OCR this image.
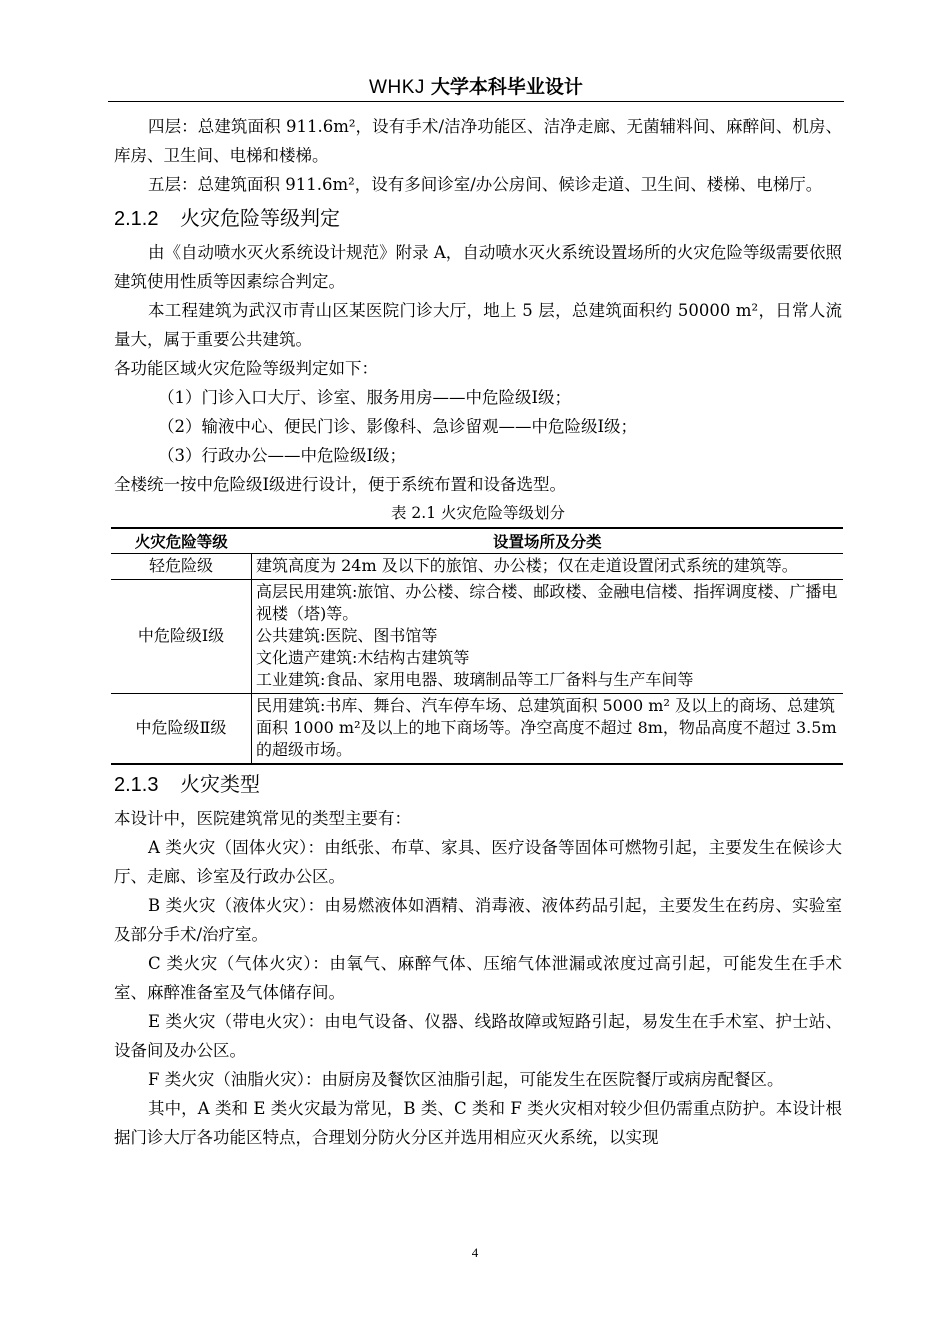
WHKJ 大学本科毕业设计

四层：总建筑面积 911.6m²，设有手术/洁净功能区、洁净走廊、无菌辅料间、麻醉间、机房、库房、卫生间、电梯和楼梯。

五层：总建筑面积 911.6m²，设有多间诊室/办公房间、候诊走道、卫生间、楼梯、电梯厅。

2.1.2 火灾危险等级判定

由《自动喷水灭火系统设计规范》附录 A，自动喷水灭火系统设置场所的火灾危险等级需要依照建筑使用性质等因素综合判定。

本工程建筑为武汉市青山区某医院门诊大厅，地上 5 层，总建筑面积约 50000 m²，日常人流量大，属于重要公共建筑。

各功能区域火灾危险等级判定如下：

（1）门诊入口大厅、诊室、服务用房——中危险级Ⅰ级；

（2）输液中心、便民门诊、影像科、急诊留观——中危险级Ⅰ级；

（3）行政办公——中危险级Ⅰ级；

全楼统一按中危险级Ⅰ级进行设计，便于系统布置和设备选型。

表 2.1 火灾危险等级划分
火灾危险等级	设置场所及分类
轻危险级	建筑高度为 24m 及以下的旅馆、办公楼；仅在走道设置闭式系统的建筑等。

中危险级Ⅰ级	高层民用建筑:旅馆、办公楼、综合楼、邮政楼、金融电信楼、指挥调度楼、广播电视楼（塔)等。
公共建筑:医院、图书馆等
文化遗产建筑:木结构古建筑等
工业建筑:食品、家用电器、玻璃制品等工厂备料与生产车间等

中危险级Ⅱ级	民用建筑:书库、舞台、汽车停车场、总建筑面积 5000 m² 及以上的商场、总建筑面积 1000 m²及以上的地下商场等。净空高度不超过 8m，物品高度不超过 3.5m 的超级市场。
2.1.3 火灾类型

本设计中，医院建筑常见的类型主要有：

A 类火灾（固体火灾）：由纸张、布草、家具、医疗设备等固体可燃物引起，主要发生在候诊大厅、走廊、诊室及行政办公区。

B 类火灾（液体火灾）：由易燃液体如酒精、消毒液、液体药品引起，主要发生在药房、实验室及部分手术/治疗室。

C 类火灾（气体火灾）：由氧气、麻醉气体、压缩气体泄漏或浓度过高引起，可能发生在手术室、麻醉准备室及气体储存间。

E 类火灾（带电火灾）：由电气设备、仪器、线路故障或短路引起，易发生在手术室、护士站、设备间及办公区。

F 类火灾（油脂火灾）：由厨房及餐饮区油脂引起，可能发生在医院餐厅或病房配餐区。

其中，A 类和 E 类火灾最为常见，B 类、C 类和 F 类火灾相对较少但仍需重点防护。本设计根据门诊大厅各功能区特点，合理划分防火分区并选用相应灭火系统，以实现

4
